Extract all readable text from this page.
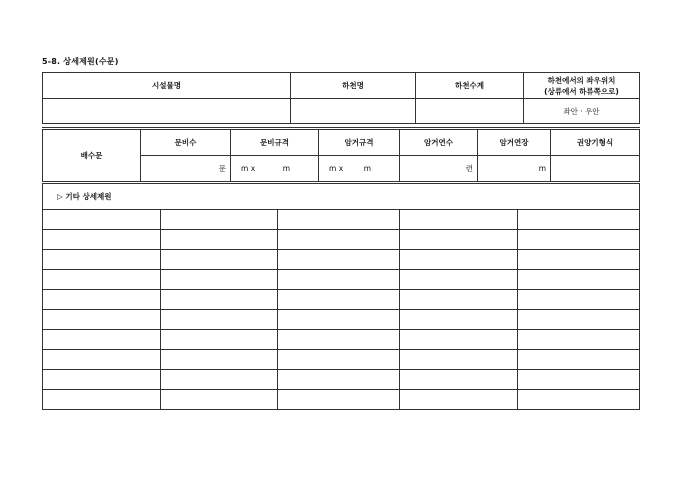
5-8. 상세제원(수문)
시설물명	하천명	하천수계	하천에서의 좌우위치
(상류에서 하류쪽으로)

			좌안 · 우안
배수문	문비수	문비규격	암거규격	암거연수	암거연장	권양기형식
	문	m x m	m x m	련	m	
▷ 기타 상세제원				
